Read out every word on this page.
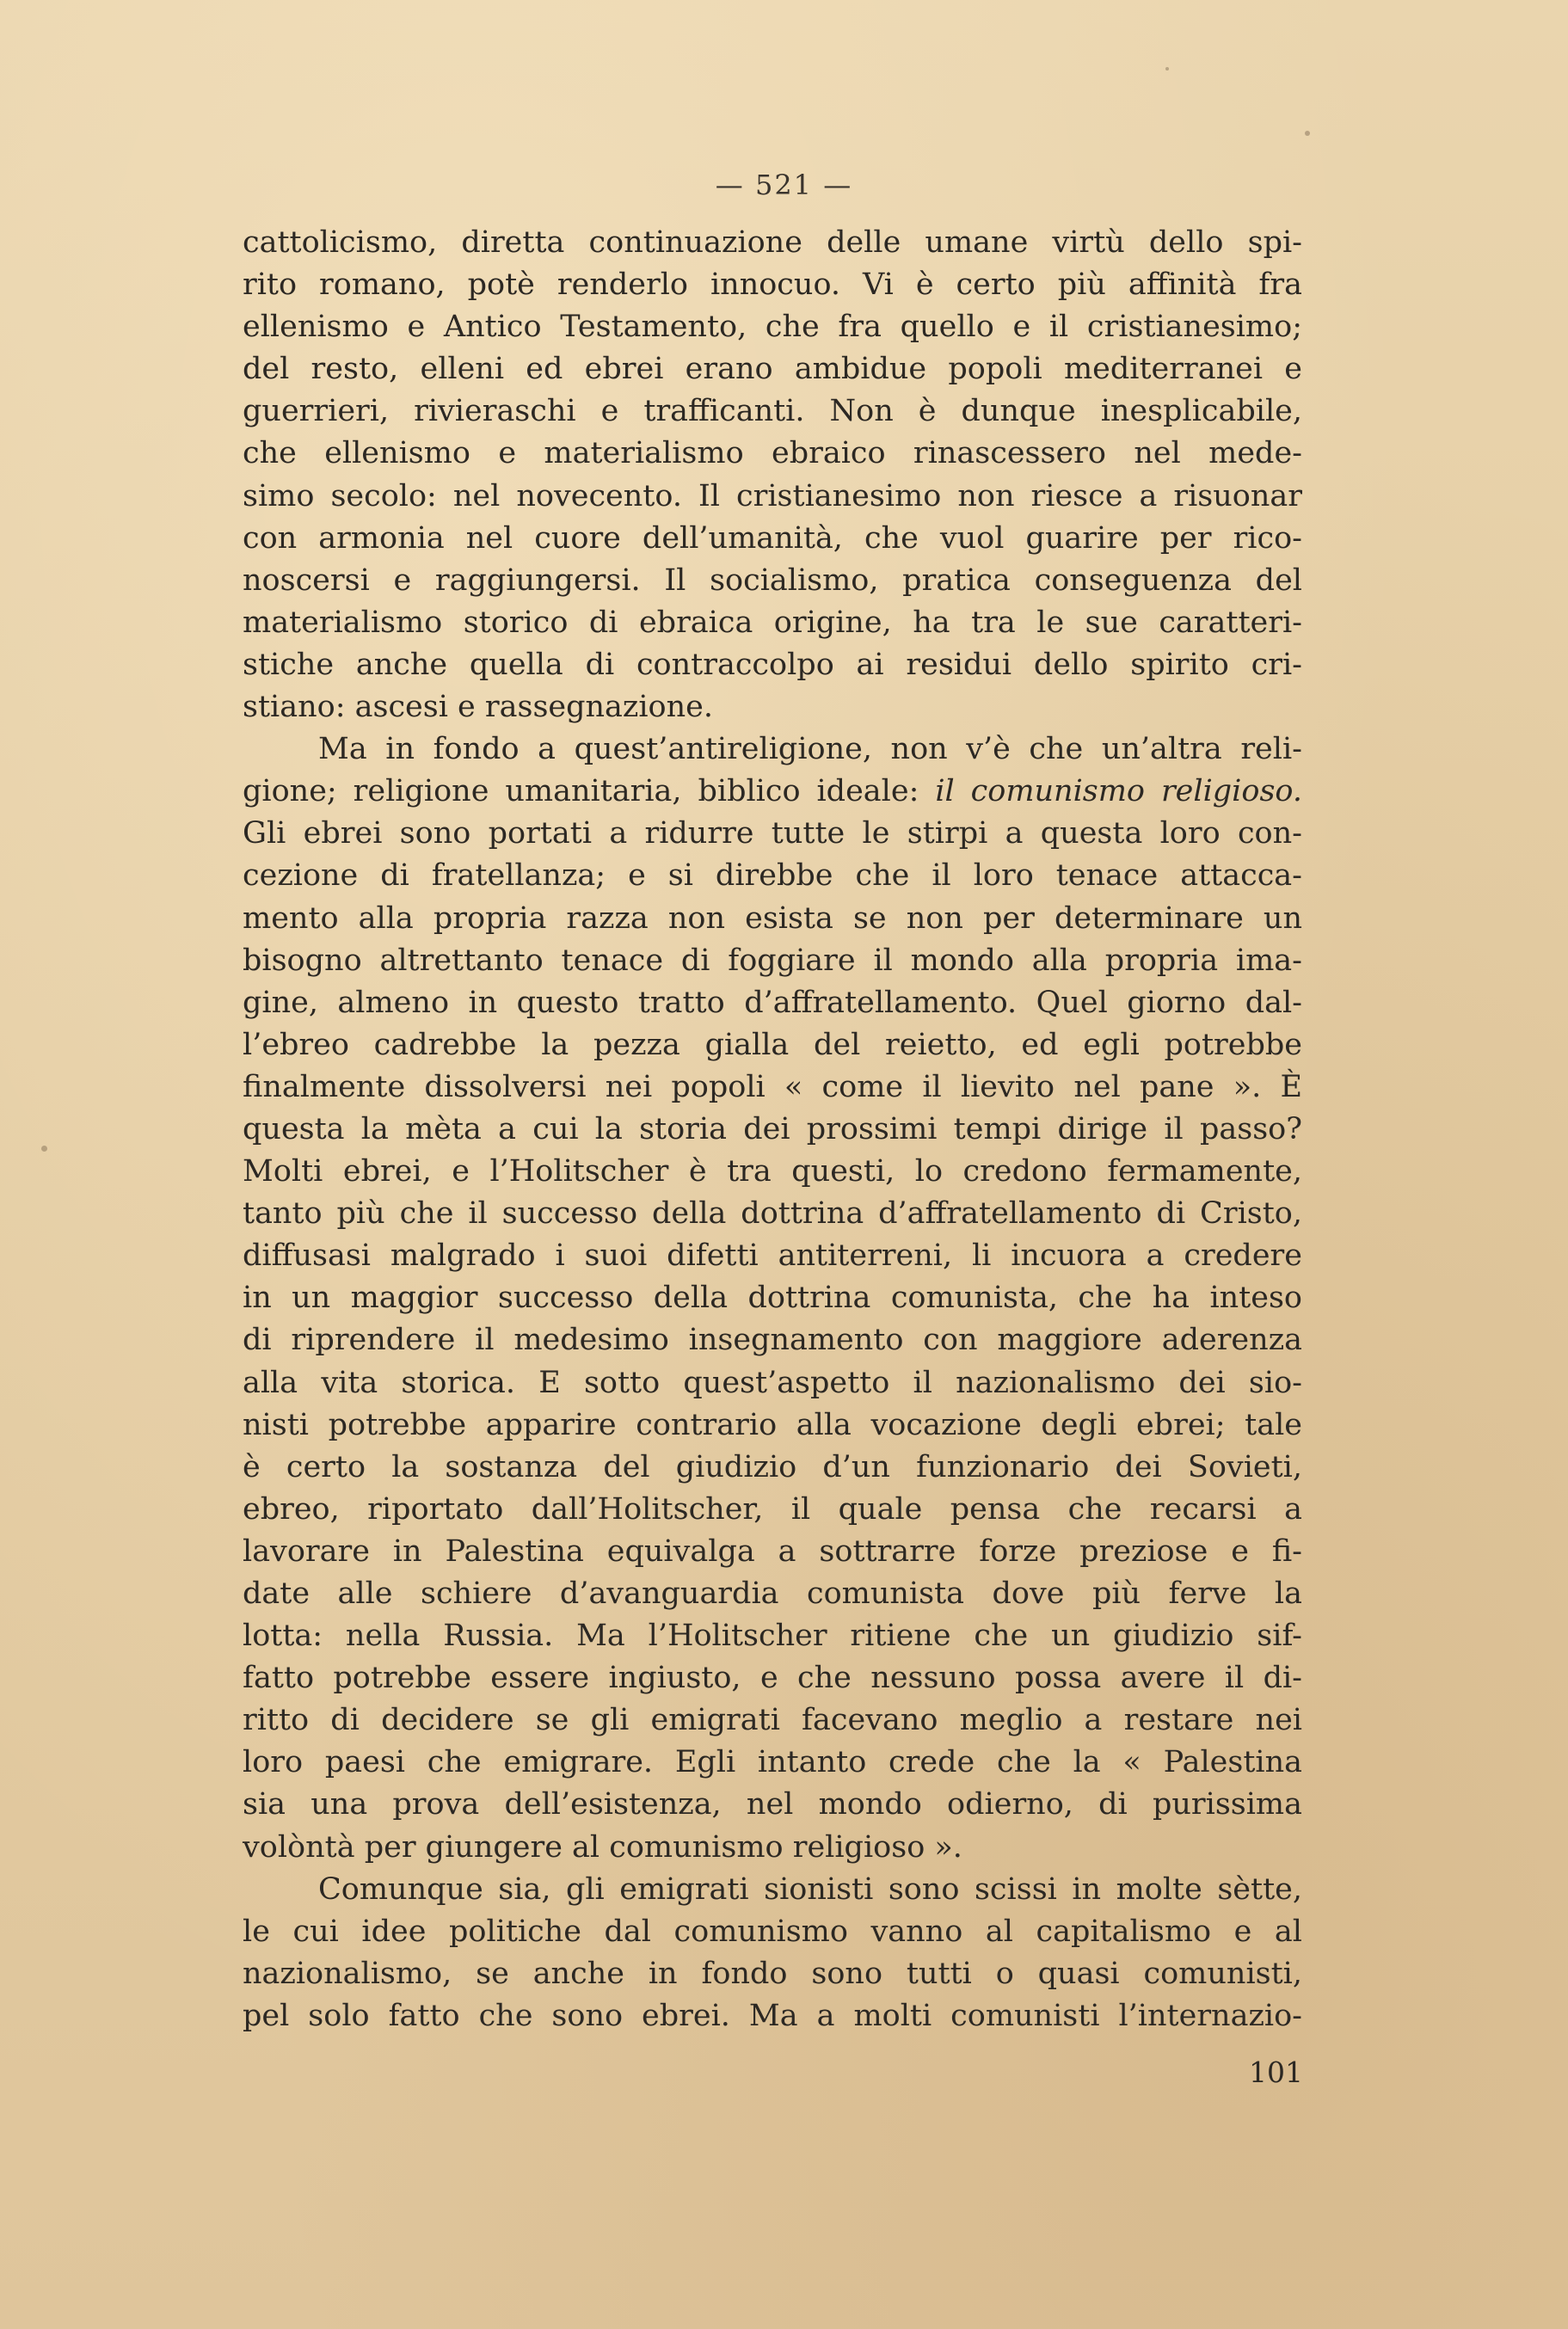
— 521 —
cattolicismo, diretta continuazione delle umane virtù dello spi-
rito romano, potè renderlo innocuo. Vi è certo più affinità fra
ellenismo e Antico Testamento, che fra quello e il cristianesimo;
del resto, elleni ed ebrei erano ambidue popoli mediterranei e
guerrieri, rivieraschi e trafficanti. Non è dunque inesplicabile,
che ellenismo e materialismo ebraico rinascessero nel mede-
simo secolo: nel novecento. Il cristianesimo non riesce a risuonar
con armonia nel cuore dell’umanità, che vuol guarire per rico-
noscersi e raggiungersi. Il socialismo, pratica conseguenza del
materialismo storico di ebraica origine, ha tra le sue caratteri-
stiche anche quella di contraccolpo ai residui dello spirito cri-
stiano: ascesi e rassegnazione.
Ma in fondo a quest’antireligione, non v’è che un’altra reli-
gione; religione umanitaria, biblico ideale: il comunismo religioso.
Gli ebrei sono portati a ridurre tutte le stirpi a questa loro con-
cezione di fratellanza; e si direbbe che il loro tenace attacca-
mento alla propria razza non esista se non per determinare un
bisogno altrettanto tenace di foggiare il mondo alla propria ima-
gine, almeno in questo tratto d’affratellamento. Quel giorno dal-
l’ebreo cadrebbe la pezza gialla del reietto, ed egli potrebbe
finalmente dissolversi nei popoli « come il lievito nel pane ». È
questa la mèta a cui la storia dei prossimi tempi dirige il passo?
Molti ebrei, e l’Holitscher è tra questi, lo credono fermamente,
tanto più che il successo della dottrina d’affratellamento di Cristo,
diffusasi malgrado i suoi difetti antiterreni, li incuora a credere
in un maggior successo della dottrina comunista, che ha inteso
di riprendere il medesimo insegnamento con maggiore aderenza
alla vita storica. E sotto quest’aspetto il nazionalismo dei sio-
nisti potrebbe apparire contrario alla vocazione degli ebrei; tale
è certo la sostanza del giudizio d’un funzionario dei Sovieti,
ebreo, riportato dall’Holitscher, il quale pensa che recarsi a
lavorare in Palestina equivalga a sottrarre forze preziose e fi-
date alle schiere d’avanguardia comunista dove più ferve la
lotta: nella Russia. Ma l’Holitscher ritiene che un giudizio sif-
fatto potrebbe essere ingiusto, e che nessuno possa avere il di-
ritto di decidere se gli emigrati facevano meglio a restare nei
loro paesi che emigrare. Egli intanto crede che la « Palestina
sia una prova dell’esistenza, nel mondo odierno, di purissima
volòntà per giungere al comunismo religioso ».
Comunque sia, gli emigrati sionisti sono scissi in molte sètte,
le cui idee politiche dal comunismo vanno al capitalismo e al
nazionalismo, se anche in fondo sono tutti o quasi comunisti,
pel solo fatto che sono ebrei. Ma a molti comunisti l’internazio-
101
